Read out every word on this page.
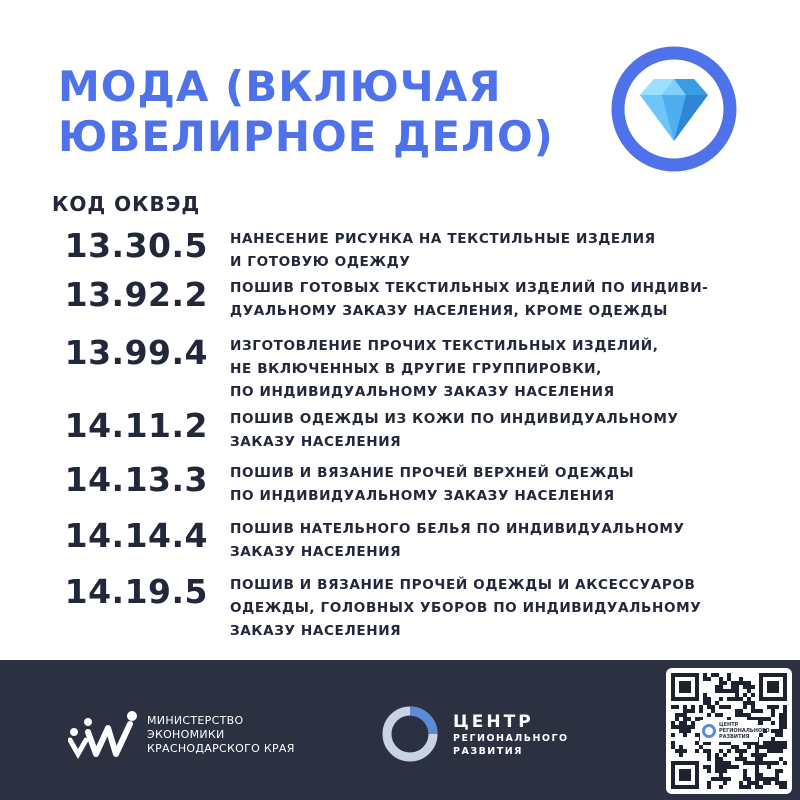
МОДА (ВКЛЮЧАЯ
ЮВЕЛИРНОЕ ДЕЛО)
КОД ОКВЭД
13.30.5 НАНЕСЕНИЕ РИСУНКА НА ТЕКСТИЛЬНЫЕ ИЗДЕЛИЯ
И ГОТОВУЮ ОДЕЖДУ
13.92.2 ПОШИВ ГОТОВЫХ ТЕКСТИЛЬНЫХ ИЗДЕЛИЙ ПО ИНДИВИ-
ДУАЛЬНОМУ ЗАКАЗУ НАСЕЛЕНИЯ, КРОМЕ ОДЕЖДЫ
13.99.4 ИЗГОТОВЛЕНИЕ ПРОЧИХ ТЕКСТИЛЬНЫХ ИЗДЕЛИЙ,
НЕ ВКЛЮЧЕННЫХ В ДРУГИЕ ГРУППИРОВКИ,
ПО ИНДИВИДУАЛЬНОМУ ЗАКАЗУ НАСЕЛЕНИЯ
14.11.2 ПОШИВ ОДЕЖДЫ ИЗ КОЖИ ПО ИНДИВИДУАЛЬНОМУ
ЗАКАЗУ НАСЕЛЕНИЯ
14.13.3 ПОШИВ И ВЯЗАНИЕ ПРОЧЕЙ ВЕРХНЕЙ ОДЕЖДЫ
ПО ИНДИВИДУАЛЬНОМУ ЗАКАЗУ НАСЕЛЕНИЯ
14.14.4 ПОШИВ НАТЕЛЬНОГО БЕЛЬЯ ПО ИНДИВИДУАЛЬНОМУ
ЗАКАЗУ НАСЕЛЕНИЯ
14.19.5 ПОШИВ И ВЯЗАНИЕ ПРОЧЕЙ ОДЕЖДЫ И АКСЕССУАРОВ
ОДЕЖДЫ, ГОЛОВНЫХ УБОРОВ ПО ИНДИВИДУАЛЬНОМУ
ЗАКАЗУ НАСЕЛЕНИЯ
МИНИСТЕРСТВО
ЭКОНОМИКИ
КРАСНОДАРСКОГО КРАЯ
ЦЕНТР
РЕГИОНАЛЬНОГО
РАЗВИТИЯ
ЦЕНТР
РЕГИОНАЛЬНОГО
РАЗВИТИЯ
